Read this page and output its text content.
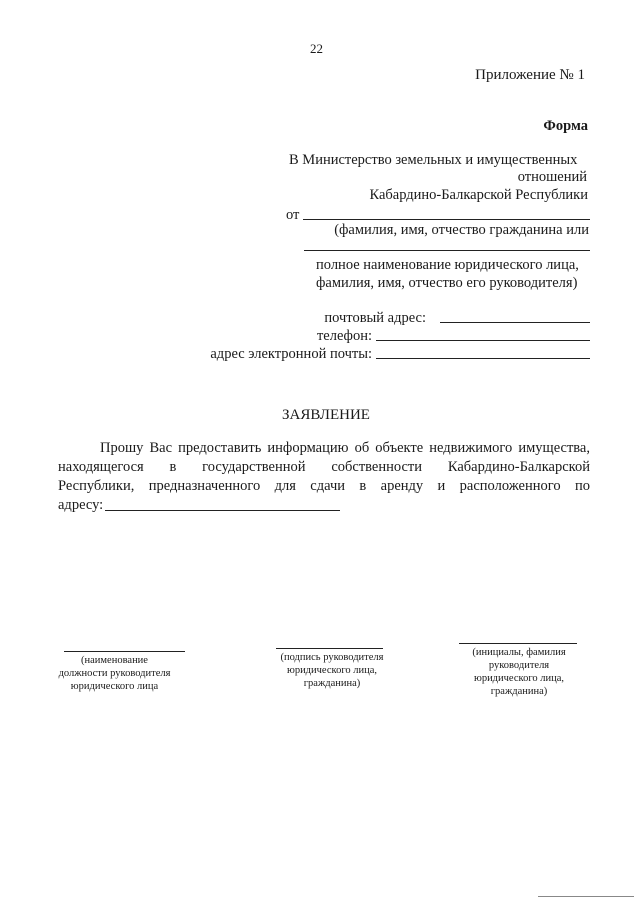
22
Приложение № 1
Форма
В Министерство земельных и имущественных
отношений
Кабардино-Балкарской Республики
от
(фамилия, имя, отчество гражданина или
полное наименование юридического лица,
фамилия, имя, отчество его руководителя)
почтовый адрес:
телефон:
адрес электронной почты:
ЗАЯВЛЕНИЕ
Прошу Вас предоставить информацию об объекте недвижимого имущества,
находящегося в государственной собственности Кабардино-Балкарской
Республики, предназначенного для сдачи в аренду и расположенного по
адресу:
(наименование
должности руководителя
юридического лица
(подпись руководителя
юридического лица,
гражданина)
(инициалы, фамилия
руководителя
юридического лица,
гражданина)
